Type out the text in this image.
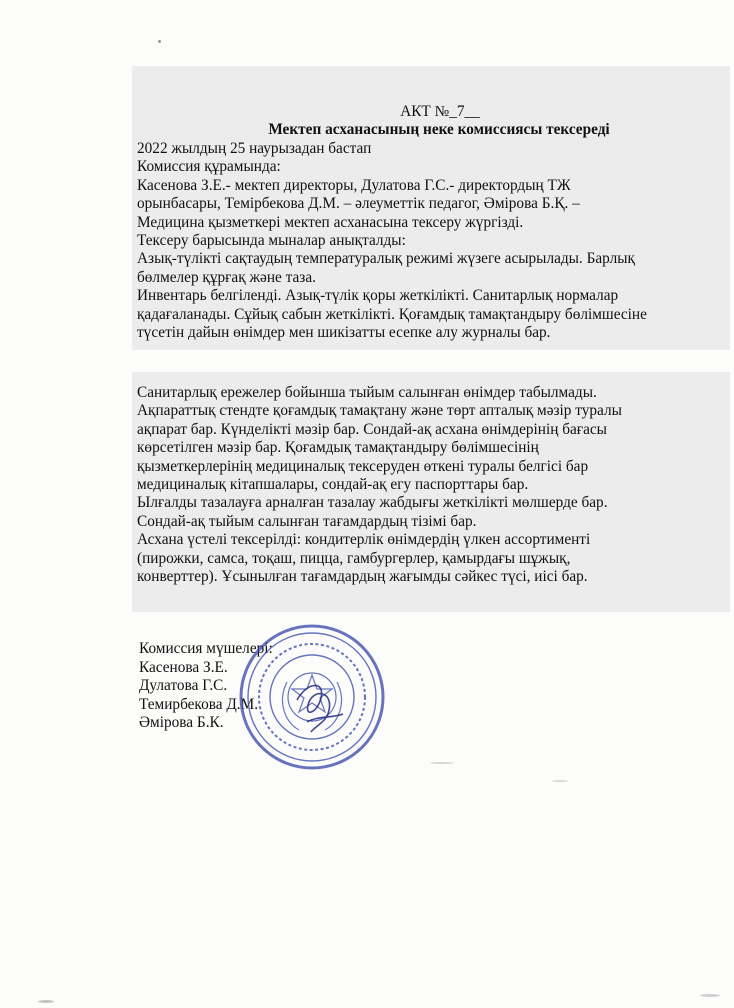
АКТ №_7__
Мектеп асханасының неке комиссиясы тексереді
2022 жылдың 25 наурызадан бастап
Комиссия құрамында:
Касенова З.Е.- мектеп директоры, Дулатова Г.С.- директордың ТЖ
орынбасары, Темірбекова Д.М. – әлеуметтік педагог, Әмірова Б.Қ. –
Медицина қызметкері мектеп асханасына тексеру жүргізді.
Тексеру барысында мыналар анықталды:
Азық-түлікті сақтаудың температуралық режимі жүзеге асырылады. Барлық
бөлмелер құрғақ және таза.
Инвентарь белгіленді. Азық-түлік қоры жеткілікті. Санитарлық нормалар
қадағаланады. Сұйық сабын жеткілікті. Қоғамдық тамақтандыру бөлімшесіне
түсетін дайын өнімдер мен шикізатты есепке алу журналы бар.
Санитарлық ережелер бойынша тыйым салынған өнімдер табылмады.
Ақпараттық стендте қоғамдық тамақтану және төрт апталық мәзір туралы
ақпарат бар. Күнделікті мәзір бар. Сондай-ақ асхана өнімдерінің бағасы
көрсетілген мәзір бар. Қоғамдық тамақтандыру бөлімшесінің
қызметкерлерінің медициналық тексеруден өткені туралы белгісі бар
медициналық кітапшалары, сондай-ақ егу паспорттары бар.
Ылғалды тазалауға арналған тазалау жабдығы жеткілікті мөлшерде бар.
Сондай-ақ тыйым салынған тағамдардың тізімі бар.
Асхана үстелі тексерілді: кондитерлік өнімдердің үлкен ассортименті
(пирожки, самса, тоқаш, пицца, гамбургерлер, қамырдағы шұжық,
конверттер). Ұсынылған тағамдардың жағымды сәйкес түсі, иісі бар.
Комиссия мүшелері:
Касенова З.Е.
Дулатова Г.С.
Темирбекова Д.М.
Әмірова Б.К.
